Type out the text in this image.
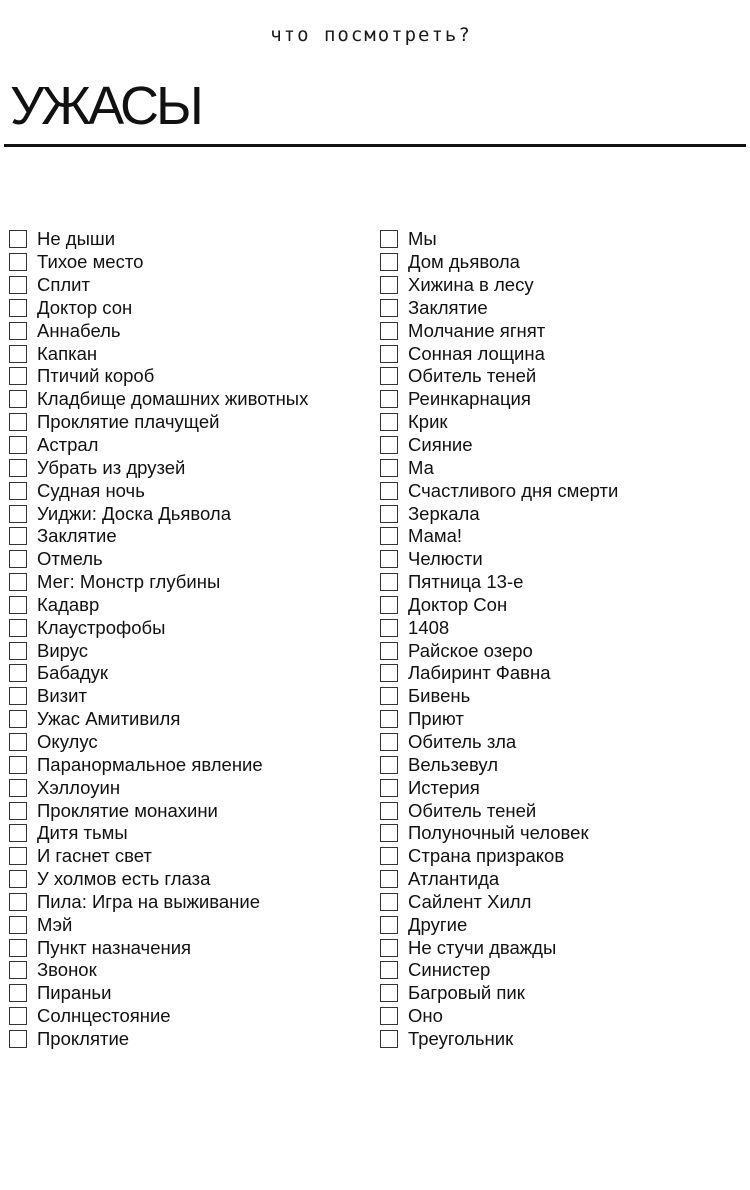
что посмотреть?
УЖАСЫ
Не дыши
Тихое место
Сплит
Доктор сон
Аннабель
Капкан
Птичий короб
Кладбище домашних животных
Проклятие плачущей
Астрал
Убрать из друзей
Судная ночь
Уиджи: Доска Дьявола
Заклятие
Отмель
Мег: Монстр глубины
Кадавр
Клаустрофобы
Вирус
Бабадук
Визит
Ужас Амитивиля
Окулус
Паранормальное явление
Хэллоуин
Проклятие монахини
Дитя тьмы
И гаснет свет
У холмов есть глаза
Пила: Игра на выживание
Мэй
Пункт назначения
Звонок
Пираньи
Солнцестояние
Проклятие
Мы
Дом дьявола
Хижина в лесу
Заклятие
Молчание ягнят
Сонная лощина
Обитель теней
Реинкарнация
Крик
Сияние
Ма
Счастливого дня смерти
Зеркала
Мама!
Челюсти
Пятница 13-е
Доктор Сон
1408
Райское озеро
Лабиринт Фавна
Бивень
Приют
Обитель зла
Вельзевул
Истерия
Обитель теней
Полуночный человек
Страна призраков
Атлантида
Сайлент Хилл
Другие
Не стучи дважды
Синистер
Багровый пик
Оно
Треугольник
